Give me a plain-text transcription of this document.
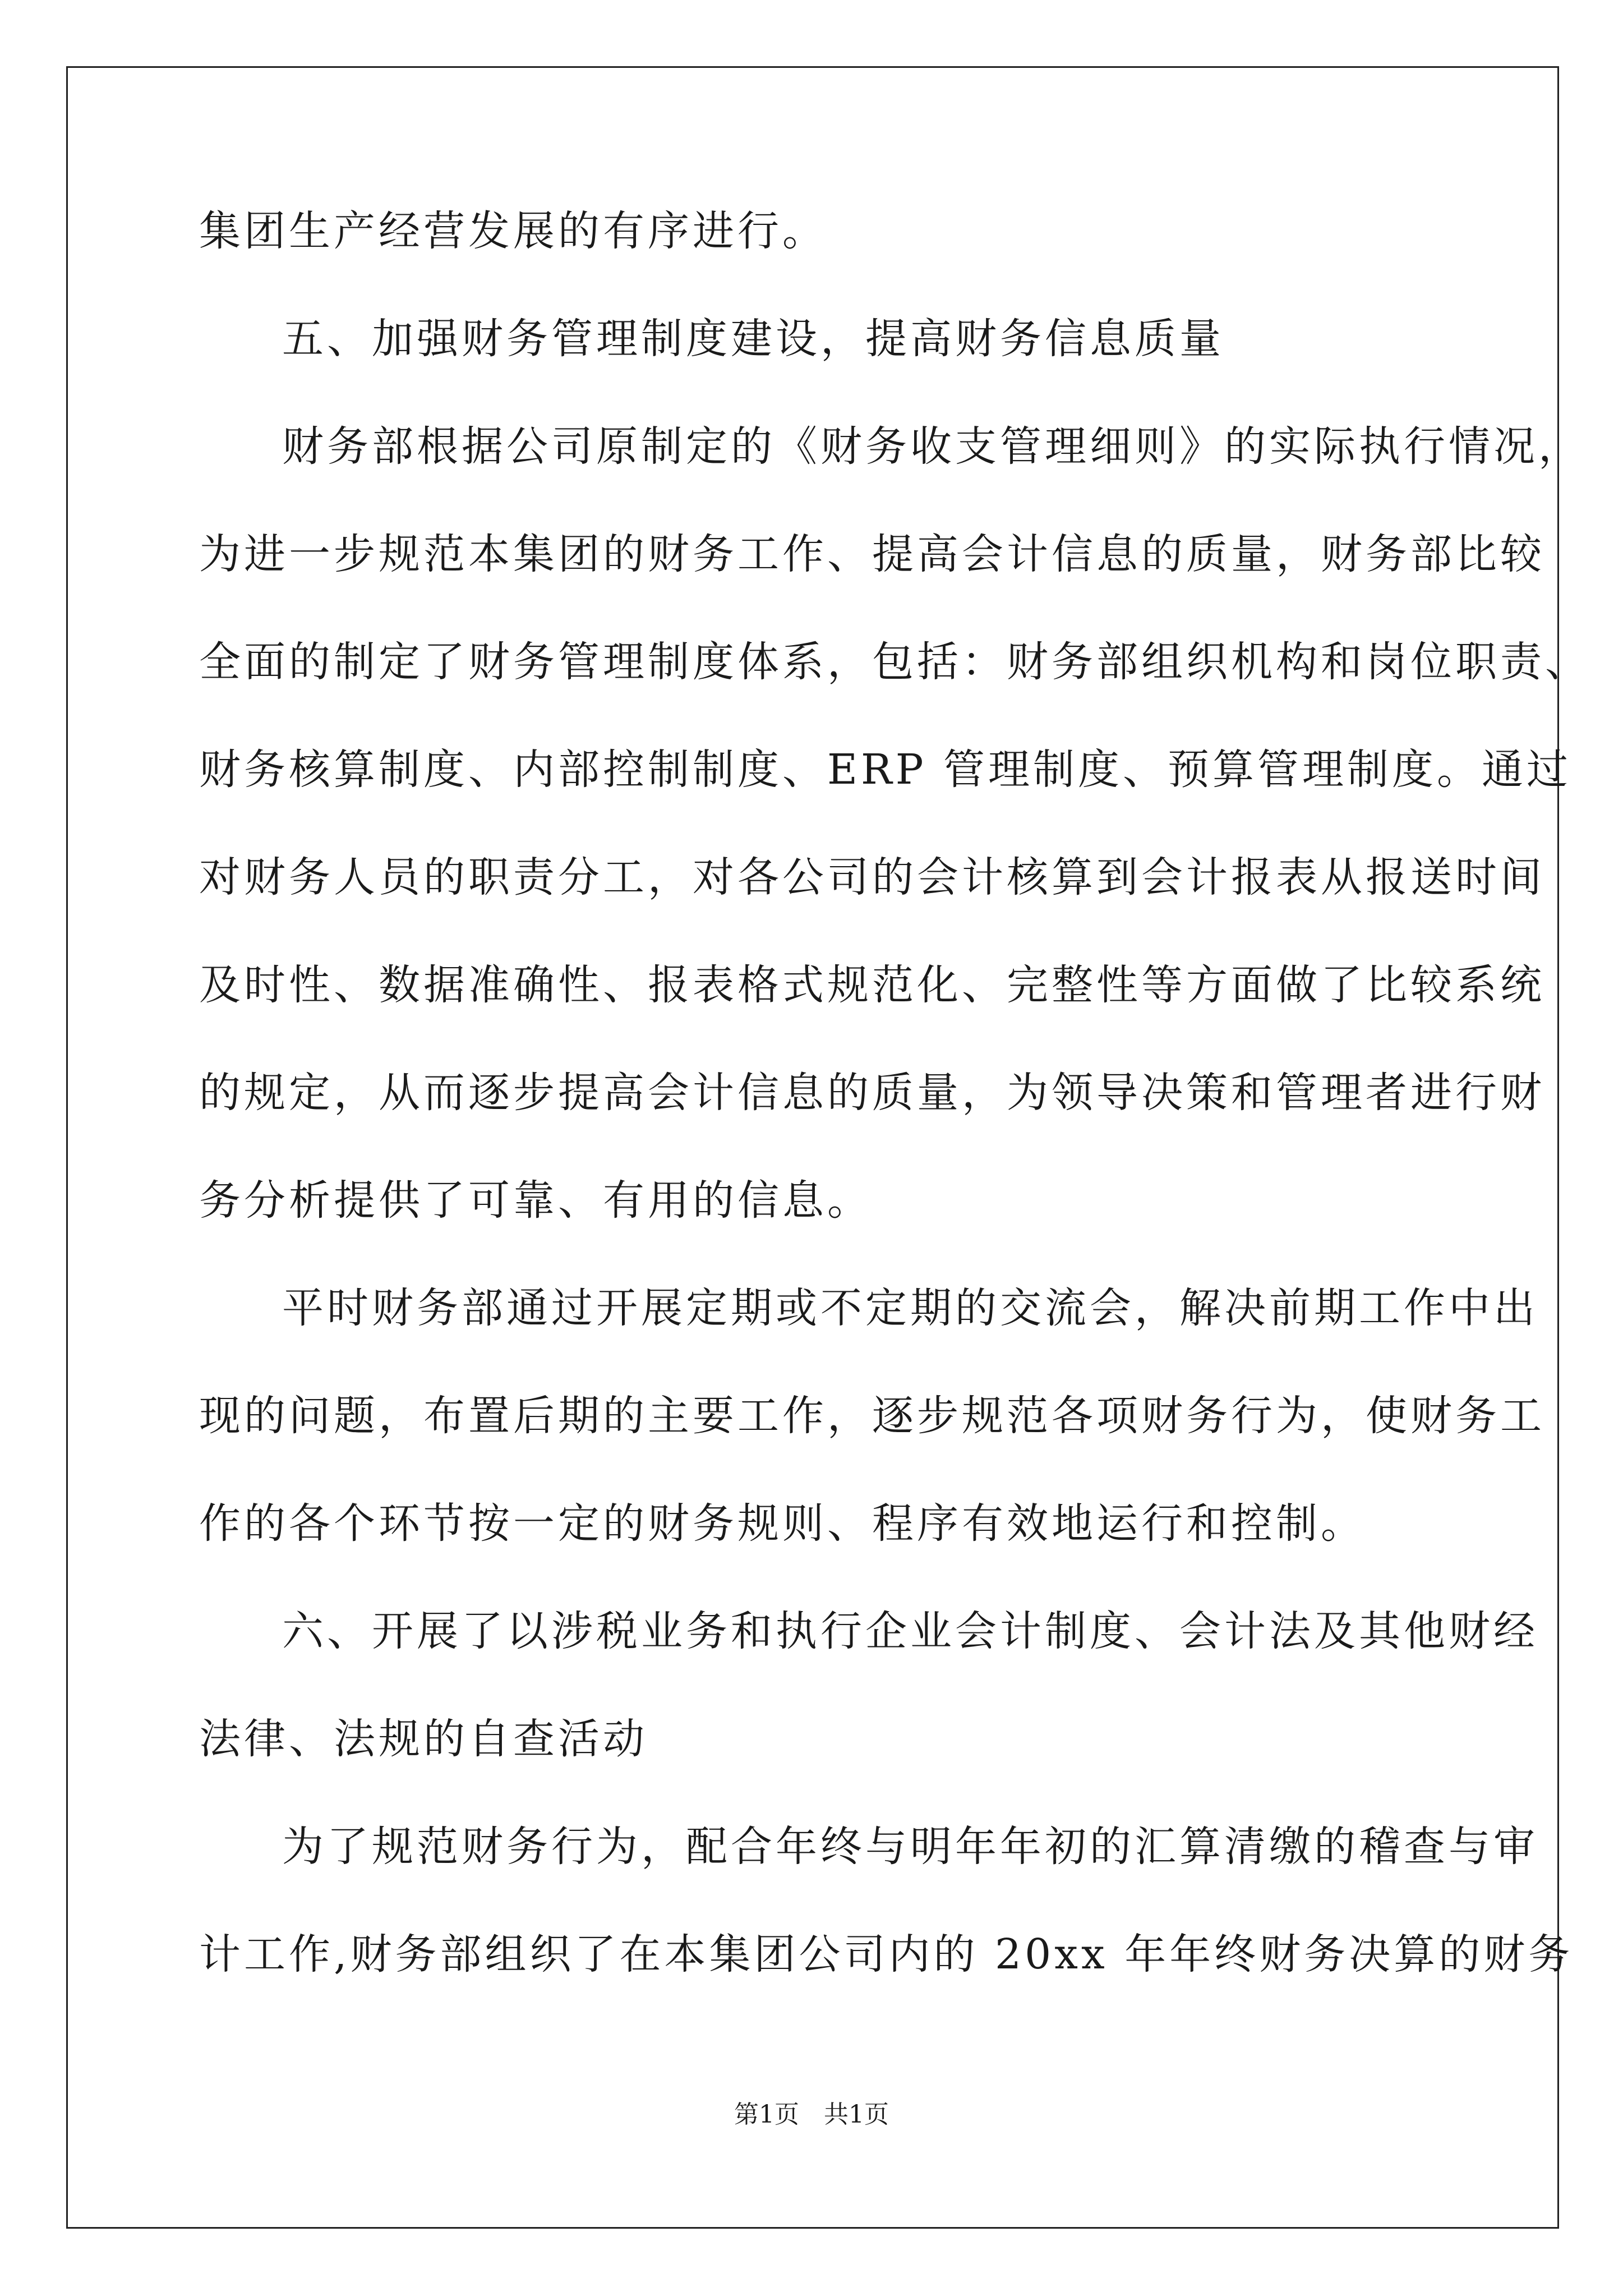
集团生产经营发展的有序进行。
五、加强财务管理制度建设，提高财务信息质量
财务部根据公司原制定的《财务收支管理细则》的实际执行情况，
为进一步规范本集团的财务工作、提高会计信息的质量，财务部比较
全面的制定了财务管理制度体系，包括：财务部组织机构和岗位职责、
财务核算制度、内部控制制度、ERP 管理制度、预算管理制度。通过
对财务人员的职责分工，对各公司的会计核算到会计报表从报送时间
及时性、数据准确性、报表格式规范化、完整性等方面做了比较系统
的规定，从而逐步提高会计信息的质量，为领导决策和管理者进行财
务分析提供了可靠、有用的信息。
平时财务部通过开展定期或不定期的交流会，解决前期工作中出
现的问题，布置后期的主要工作，逐步规范各项财务行为，使财务工
作的各个环节按一定的财务规则、程序有效地运行和控制。
六、开展了以涉税业务和执行企业会计制度、会计法及其他财经
法律、法规的自查活动
为了规范财务行为，配合年终与明年年初的汇算清缴的稽查与审
计工作,财务部组织了在本集团公司内的 20xx 年年终财务决算的财务
第1页　共1页
